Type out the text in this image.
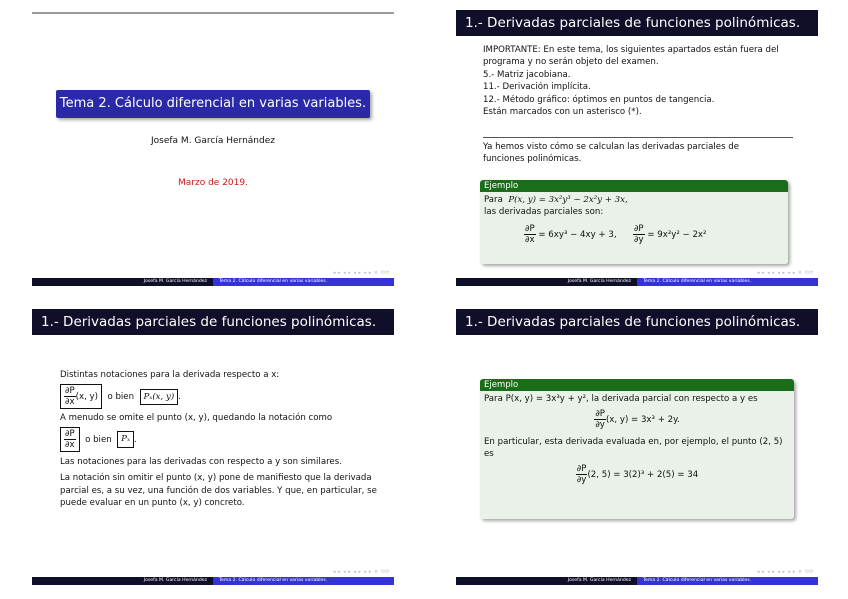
Tema 2. Cálculo diferencial en varias variables.
Josefa M. García Hernández
Marzo de 2019.
◂ ▸ ◂ ▸ ◂ ▸ ◂ ▸ ≡ ⟲⟳
Josefa M. García Hernández	Tema 2. Cálculo diferencial en varias variables.
1.- Derivadas parciales de funciones polinómicas.
IMPORTANTE: En este tema, los siguientes apartados están fuera del programa y no serán objeto del examen.
5.- Matriz jacobiana.
11.- Derivación implícita.
12.- Método gráfico: óptimos en puntos de tangencia.
Están marcados con un asterisco (*).
Ya hemos visto cómo se calculan las derivadas parciales de funciones polinómicas.
Ejemplo
Para P(x, y) = 3x²y³ − 2x²y + 3x,
las derivadas parciales son:
$\frac{\partial P}{\partial x} = 6xy^3 - 4xy + 3$, $\frac{\partial P}{\partial y} = 9x^2y^2 - 2x^2$
◂ ▸ ◂ ▸ ◂ ▸ ◂ ▸ ≡ ⟲⟳
Josefa M. García Hernández	Tema 2. Cálculo diferencial en varias variables.
1.- Derivadas parciales de funciones polinómicas.
Distintas notaciones para la derivada respecto a x:
$\frac{\partial P}{\partial x} (x$, y) o bien Pₓ(x, y) .
A menudo se omite el punto (x, y), quedando la notación como
$\frac{\partial P}{\partial x}$ o bien Pₓ .
Las notaciones para las derivadas con respecto a y son similares.
La notación sin omitir el punto (x, y) pone de manifiesto que la derivada parcial es, a su vez, una función de dos variables. Y que, en particular, se puede evaluar en un punto (x, y) concreto.
◂ ▸ ◂ ▸ ◂ ▸ ◂ ▸ ≡ ⟲⟳
Josefa M. García Hernández	Tema 2. Cálculo diferencial en varias variables.
1.- Derivadas parciales de funciones polinómicas.
Ejemplo
Para P(x, y) = 3x³y + y², la derivada parcial con respecto a y es
$\frac{\partial P}{\partial y} (x$, y) = 3x³ + 2y.
En particular, esta derivada evaluada en, por ejemplo, el punto (2, 5) es
$\frac{\partial P}{\partial y} (2$, 5) = 3(2)³ + 2(5) = 34
◂ ▸ ◂ ▸ ◂ ▸ ◂ ▸ ≡ ⟲⟳
Josefa M. García Hernández	Tema 2. Cálculo diferencial en varias variables.
